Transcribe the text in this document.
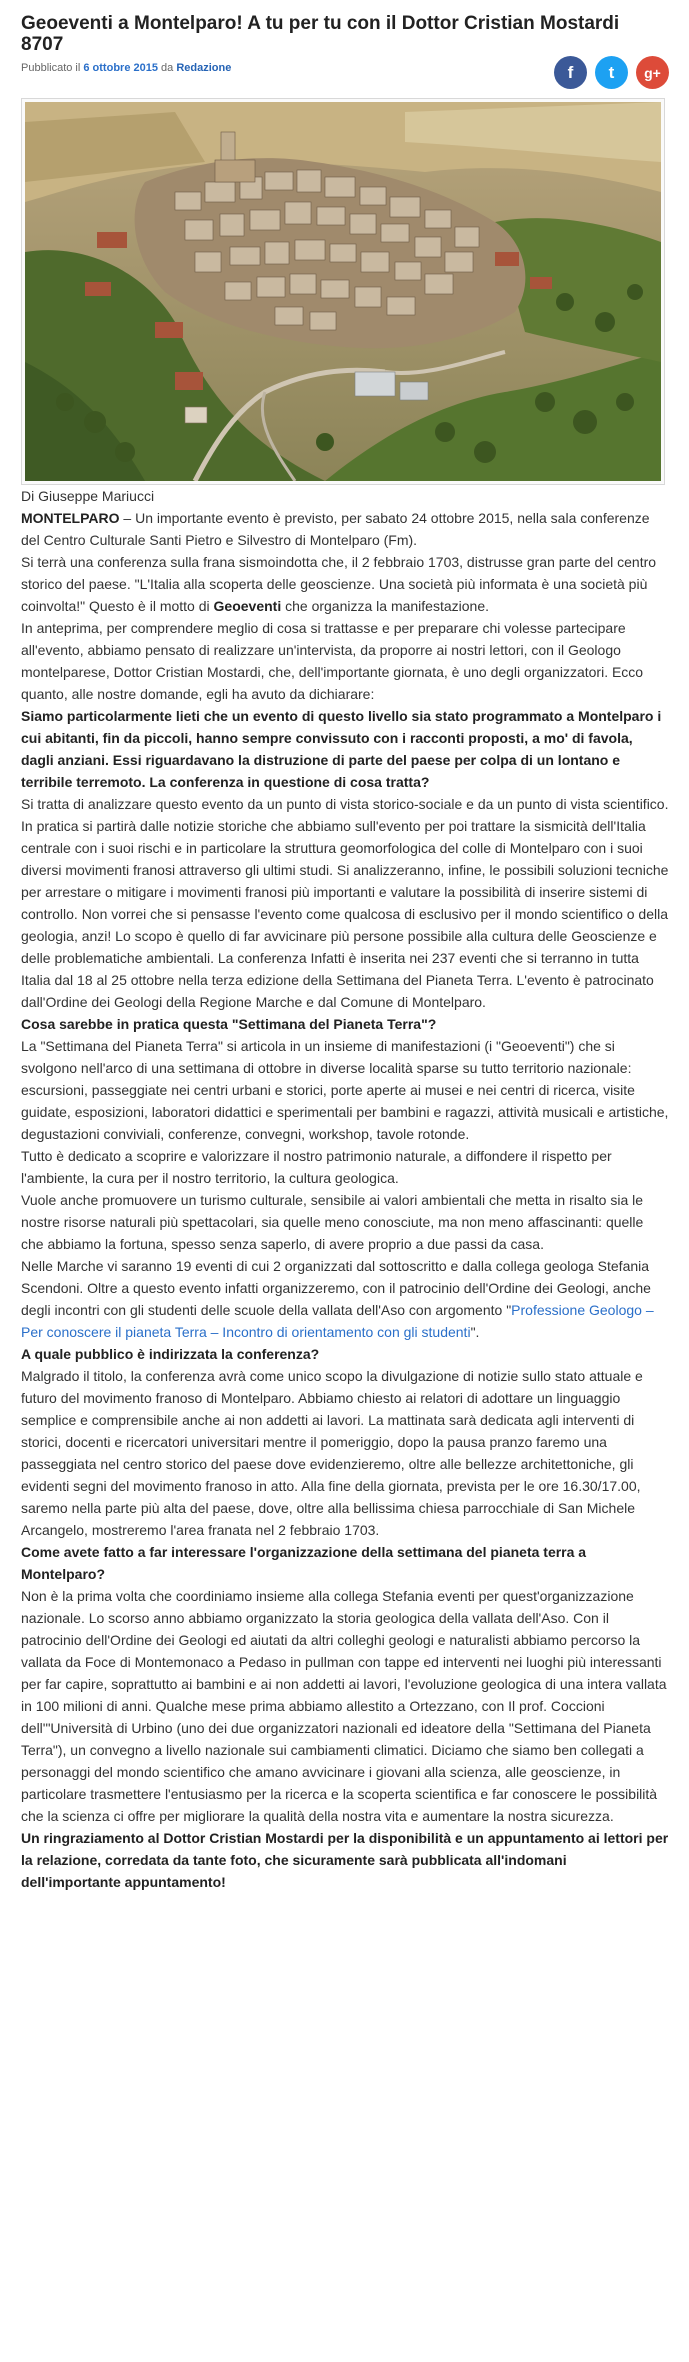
Geoeventi a Montelparo! A tu per tu con il Dottor Cristian Mostardi 8707
Pubblicato il 6 ottobre 2015 da Redazione	f t g+

Di Giuseppe Mariucci

MONTELPARO – Un importante evento è previsto, per sabato 24 ottobre 2015, nella sala conferenze del Centro Culturale Santi Pietro e Silvestro di Montelparo (Fm).

Si terrà una conferenza sulla frana sismoindotta che, il 2 febbraio 1703, distrusse gran parte del centro storico del paese. "L'Italia alla scoperta delle geoscienze. Una società più informata è una società più coinvolta!" Questo è il motto di Geoeventi che organizza la manifestazione.

In anteprima, per comprendere meglio di cosa si trattasse e per preparare chi volesse partecipare all'evento, abbiamo pensato di realizzare un'intervista, da proporre ai nostri lettori, con il Geologo montelparese, Dottor Cristian Mostardi, che, dell'importante giornata, è uno degli organizzatori. Ecco quanto, alle nostre domande, egli ha avuto da dichiarare:

Siamo particolarmente lieti che un evento di questo livello sia stato programmato a Montelparo i cui abitanti, fin da piccoli, hanno sempre convissuto con i racconti proposti, a mo' di favola, dagli anziani. Essi riguardavano la distruzione di parte del paese per colpa di un lontano e terribile terremoto. La conferenza in questione di cosa tratta?

Si tratta di analizzare questo evento da un punto di vista storico-sociale e da un punto di vista scientifico. In pratica si partirà dalle notizie storiche che abbiamo sull'evento per poi trattare la sismicità dell'Italia centrale con i suoi rischi e in particolare la struttura geomorfologica del colle di Montelparo con i suoi diversi movimenti franosi attraverso gli ultimi studi. Si analizzeranno, infine, le possibili soluzioni tecniche per arrestare o mitigare i movimenti franosi più importanti e valutare la possibilità di inserire sistemi di controllo. Non vorrei che si pensasse l'evento come qualcosa di esclusivo per il mondo scientifico o della geologia, anzi! Lo scopo è quello di far avvicinare più persone possibile alla cultura delle Geoscienze e delle problematiche ambientali. La conferenza Infatti è inserita nei 237 eventi che si terranno in tutta Italia dal 18 al 25 ottobre nella terza edizione della Settimana del Pianeta Terra. L'evento è patrocinato dall'Ordine dei Geologi della Regione Marche e dal Comune di Montelparo.

Cosa sarebbe in pratica questa "Settimana del Pianeta Terra"?

La "Settimana del Pianeta Terra" si articola in un insieme di manifestazioni (i "Geoeventi") che si svolgono nell'arco di una settimana di ottobre in diverse località sparse su tutto territorio nazionale: escursioni, passeggiate nei centri urbani e storici, porte aperte ai musei e nei centri di ricerca, visite guidate, esposizioni, laboratori didattici e sperimentali per bambini e ragazzi, attività musicali e artistiche, degustazioni conviviali, conferenze, convegni, workshop, tavole rotonde.

Tutto è dedicato a scoprire e valorizzare il nostro patrimonio naturale, a diffondere il rispetto per l'ambiente, la cura per il nostro territorio, la cultura geologica.

Vuole anche promuovere un turismo culturale, sensibile ai valori ambientali che metta in risalto sia le nostre risorse naturali più spettacolari, sia quelle meno conosciute, ma non meno affascinanti: quelle che abbiamo la fortuna, spesso senza saperlo, di avere proprio a due passi da casa.

Nelle Marche vi saranno 19 eventi di cui 2 organizzati dal sottoscritto e dalla collega geologa Stefania Scendoni. Oltre a questo evento infatti organizzeremo, con il patrocinio dell'Ordine dei Geologi, anche degli incontri con gli studenti delle scuole della vallata dell'Aso con argomento "Professione Geologo – Per conoscere il pianeta Terra – Incontro di orientamento con gli studenti".

A quale pubblico è indirizzata la conferenza?

Malgrado il titolo, la conferenza avrà come unico scopo la divulgazione di notizie sullo stato attuale e futuro del movimento franoso di Montelparo. Abbiamo chiesto ai relatori di adottare un linguaggio semplice e comprensibile anche ai non addetti ai lavori. La mattinata sarà dedicata agli interventi di storici, docenti e ricercatori universitari mentre il pomeriggio, dopo la pausa pranzo faremo una passeggiata nel centro storico del paese dove evidenzieremo, oltre alle bellezze architettoniche, gli evidenti segni del movimento franoso in atto. Alla fine della giornata, prevista per le ore 16.30/17.00, saremo nella parte più alta del paese, dove, oltre alla bellissima chiesa parrocchiale di San Michele Arcangelo, mostreremo l'area franata nel 2 febbraio 1703.

Come avete fatto a far interessare l'organizzazione della settimana del pianeta terra a Montelparo?

Non è la prima volta che coordiniamo insieme alla collega Stefania eventi per quest'organizzazione nazionale. Lo scorso anno abbiamo organizzato la storia geologica della vallata dell'Aso. Con il patrocinio dell'Ordine dei Geologi ed aiutati da altri colleghi geologi e naturalisti abbiamo percorso la vallata da Foce di Montemonaco a Pedaso in pullman con tappe ed interventi nei luoghi più interessanti per far capire, soprattutto ai bambini e ai non addetti ai lavori, l'evoluzione geologica di una intera vallata in 100 milioni di anni. Qualche mese prima abbiamo allestito a Ortezzano, con Il prof. Coccioni dell'"Università di Urbino (uno dei due organizzatori nazionali ed ideatore della "Settimana del Pianeta Terra"), un convegno a livello nazionale sui cambiamenti climatici. Diciamo che siamo ben collegati a personaggi del mondo scientifico che amano avvicinare i giovani alla scienza, alle geoscienze, in particolare trasmettere l'entusiasmo per la ricerca e la scoperta scientifica e far conoscere le possibilità che la scienza ci offre per migliorare la qualità della nostra vita e aumentare la nostra sicurezza.

Un ringraziamento al Dottor Cristian Mostardi per la disponibilità e un appuntamento ai lettori per la relazione, corredata da tante foto, che sicuramente sarà pubblicata all'indomani dell'importante appuntamento!
